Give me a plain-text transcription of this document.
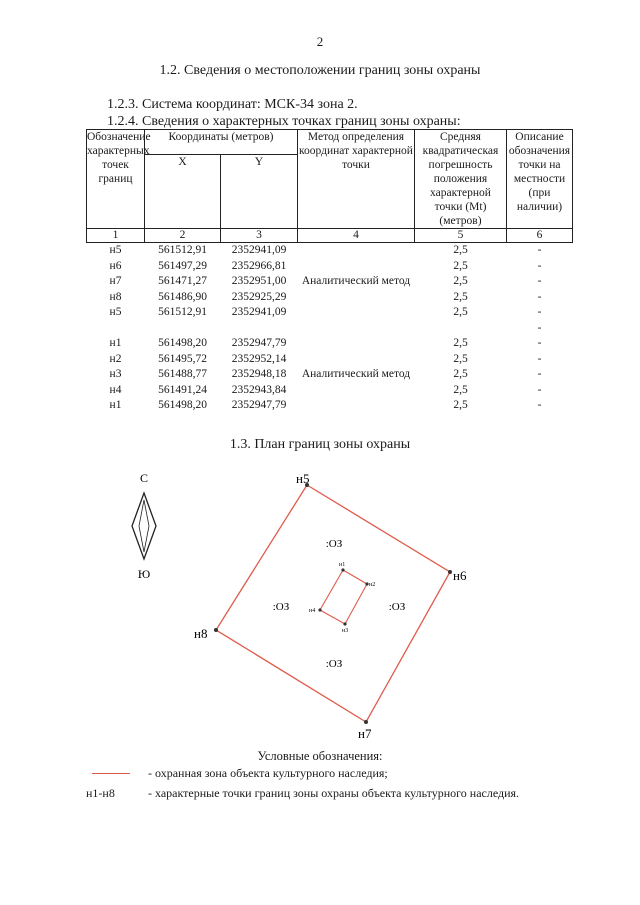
2
1.2. Сведения о местоположении границ зоны охраны
1.2.3. Система координат: МСК-34 зона 2.
1.2.4. Сведения о характерных точках границ зоны охраны:
Обозначение характерных точек границ	Координаты (метров)		Метод определения координат характерной точки	Средняя квадратическая погрешность положения характерной точки (Mt) (метров)	Описание обозначения точки на местности (при наличии)
	X	Y			
1	2	3	4	5	6
н5	561512,91	2352941,09	Аналитический метод	2,5	-
н6	561497,29	2352966,81		2,5	-
н7	561471,27	2352951,00		2,5	-
н8	561486,90	2352925,29		2,5	-
н5	561512,91	2352941,09		2,5	-
					-
н1	561498,20	2352947,79	Аналитический метод	2,5	-
н2	561495,72	2352952,14		2,5	-
н3	561488,77	2352948,18		2,5	-
н4	561491,24	2352943,84		2,5	-
н1	561498,20	2352947,79		2,5	-
1.3. План границ зоны охраны
С
Ю
н5
н6
н7
н8
н1
н2
н3
н4
:ОЗ
:ОЗ	:ОЗ
:ОЗ
Условные обозначения:
- охранная зона объекта культурного наследия;
н1-н8	- характерные точки границ зоны охраны объекта культурного наследия.
